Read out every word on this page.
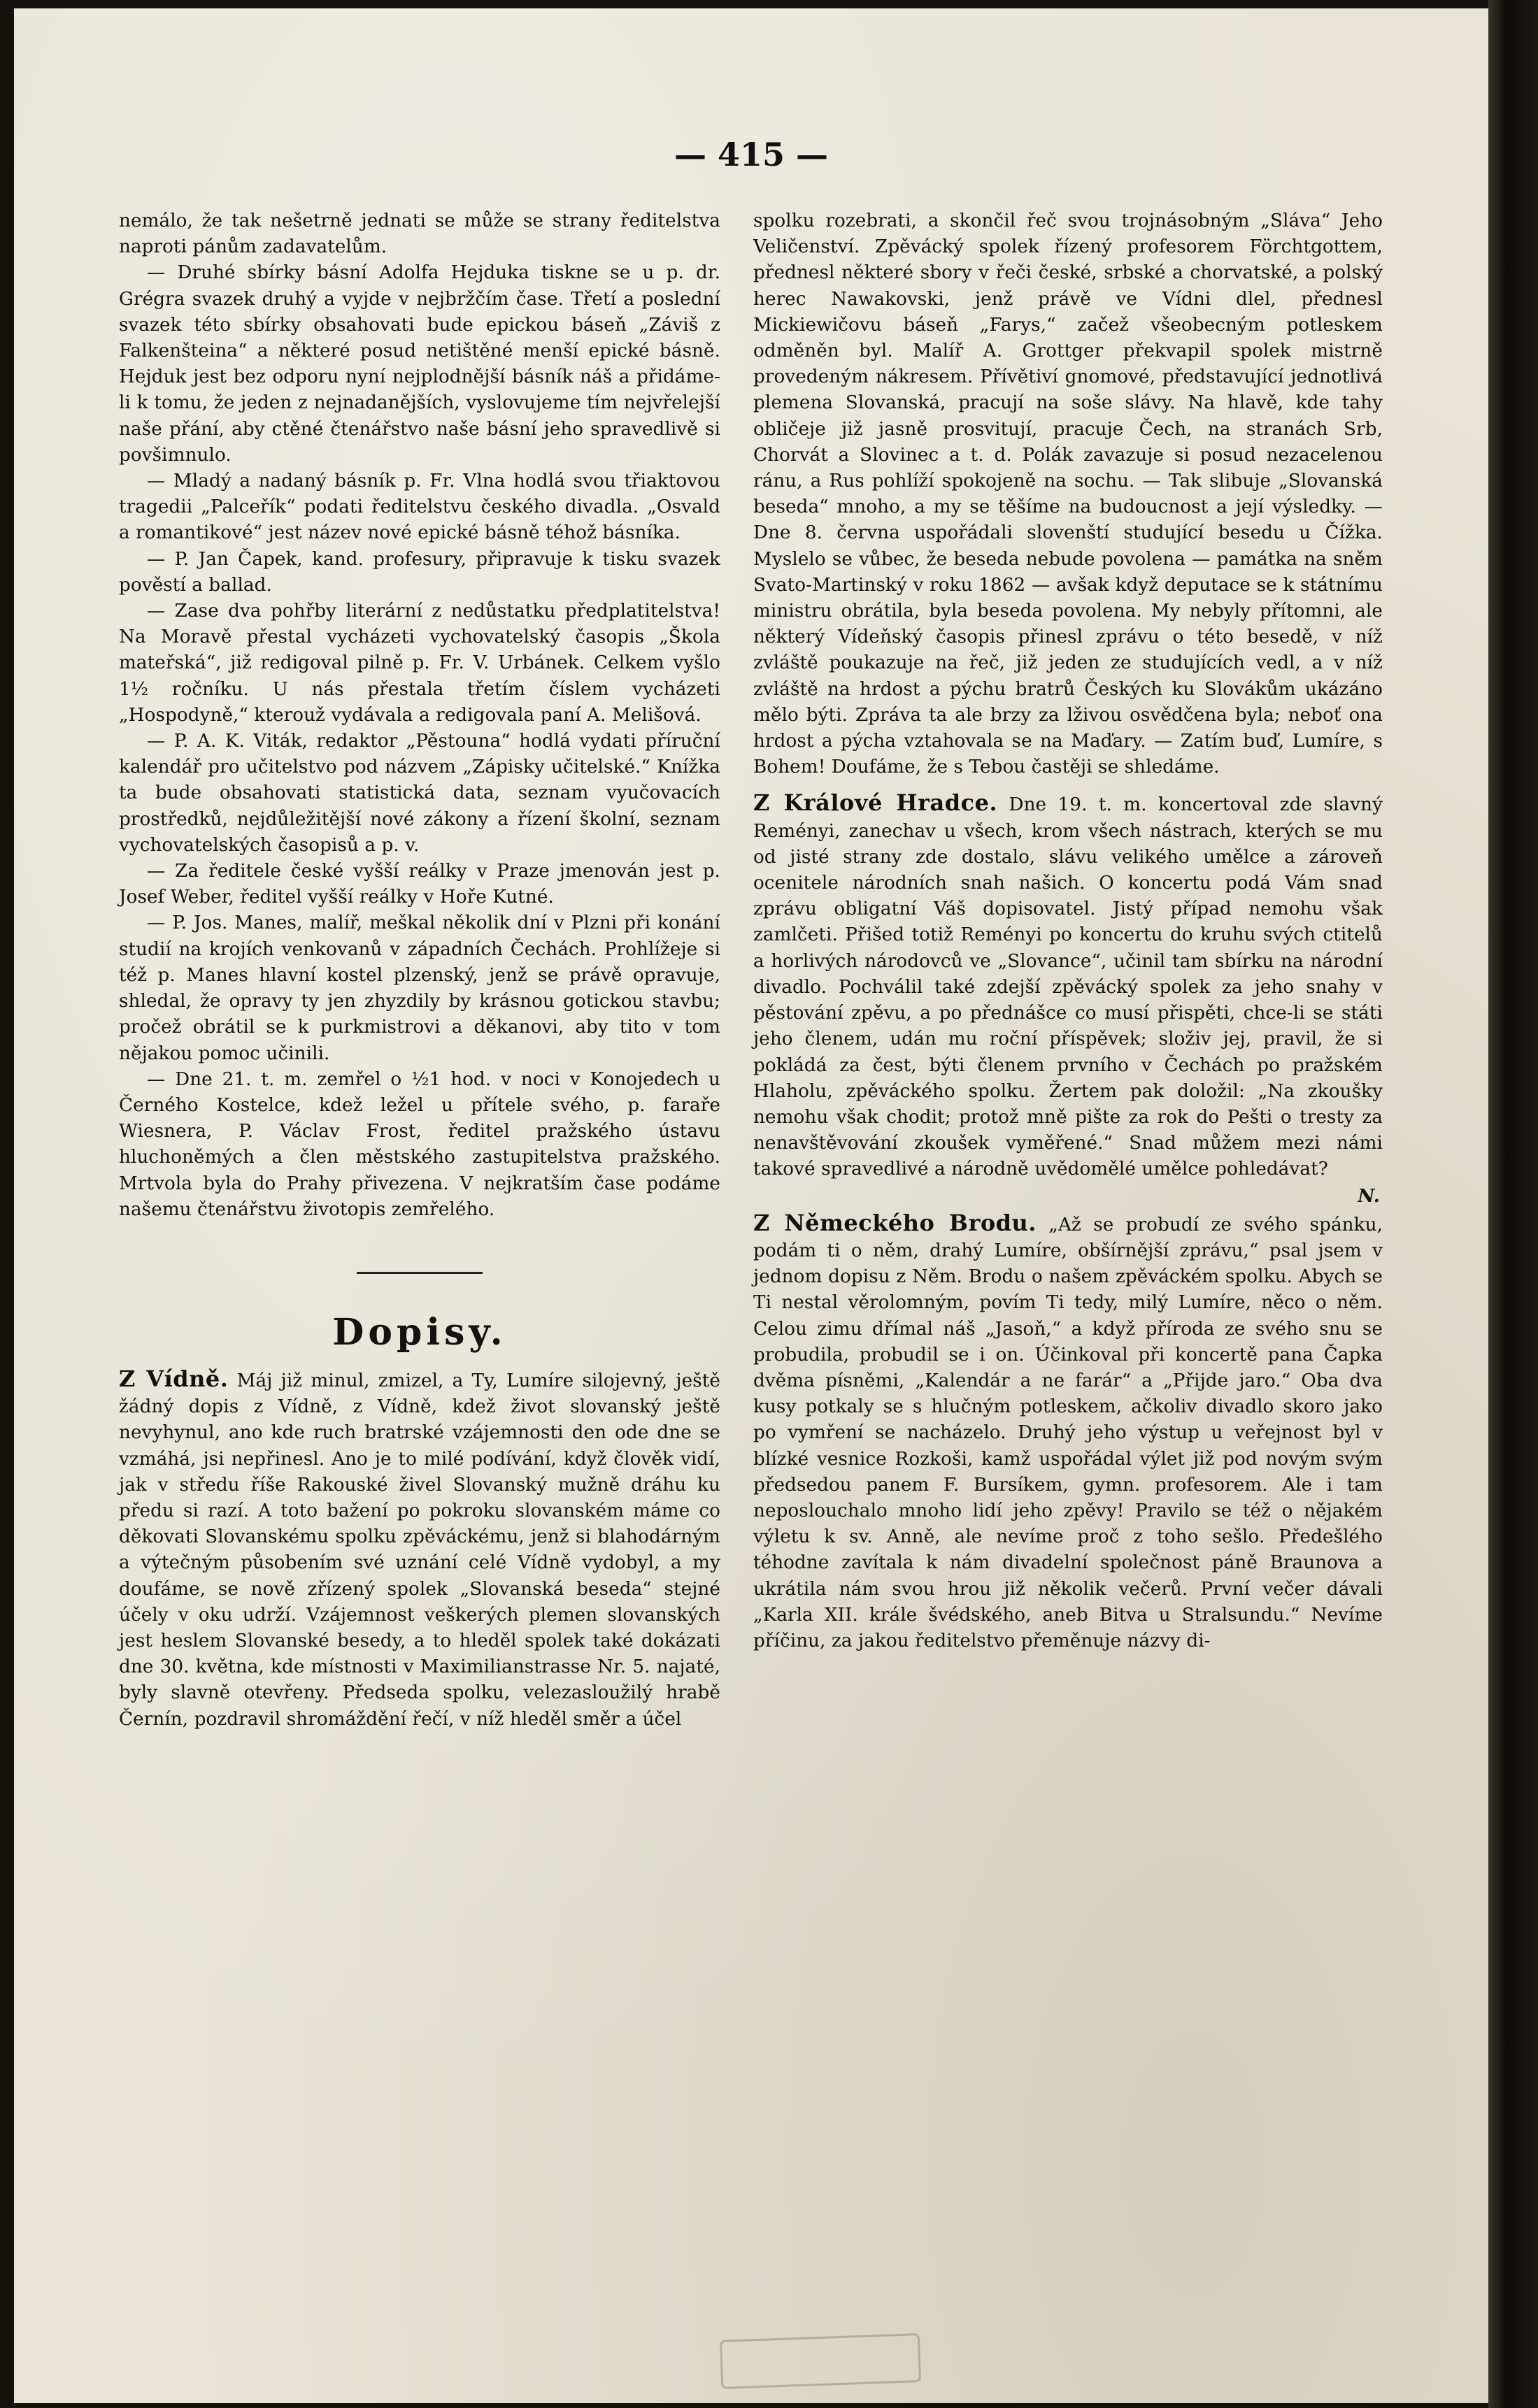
— 415 —

nemálo, že tak nešetrně jednati se může se strany ředitelstva naproti pánům zadavatelům.

— Druhé sbírky básní Adolfa Hejduka tiskne se u p. dr. Grégra svazek druhý a vyjde v nejbržčím čase. Třetí a poslední svazek této sbírky obsahovati bude epickou báseň „Záviš z Falkenšteina“ a některé posud netištěné menší epické básně. Hejduk jest bez odporu nyní nejplodnější básník náš a přidáme-li k tomu, že jeden z nejnadanějších, vyslovujeme tím nejvřelejší naše přání, aby ctěné čtenářstvo naše básní jeho spravedlivě si povšimnulo.

— Mladý a nadaný básník p. Fr. Vlna hodlá svou třiaktovou tragedii „Palceřík“ podati ředitelstvu českého divadla. „Osvald a romantikové“ jest název nové epické básně téhož básníka.

— P. Jan Čapek, kand. profesury, připravuje k tisku svazek pověstí a ballad.

— Zase dva pohřby literární z nedůstatku předplatitelstva! Na Moravě přestal vycházeti vychovatelský časopis „Škola mateřská“, již redigoval pilně p. Fr. V. Urbánek. Celkem vyšlo 1½ ročníku. U nás přestala třetím číslem vycházeti „Hospodyně,“ kterouž vydávala a redigovala paní A. Melišová.

— P. A. K. Viták, redaktor „Pěstouna“ hodlá vydati příruční kalendář pro učitelstvo pod názvem „Zápisky učitelské.“ Knížka ta bude obsahovati statistická data, seznam vyučovacích prostředků, nejdůležitější nové zákony a řízení školní, seznam vychovatelských časopisů a p. v.

— Za ředitele české vyšší reálky v Praze jmenován jest p. Josef Weber, ředitel vyšší reálky v Hoře Kutné.

— P. Jos. Manes, malíř, meškal několik dní v Plzni při konání studií na krojích venkovanů v západních Čechách. Prohlížeje si též p. Manes hlavní kostel plzenský, jenž se právě opravuje, shledal, že opravy ty jen zhyzdily by krásnou gotickou stavbu; pročež obrátil se k purkmistrovi a děkanovi, aby tito v tom nějakou pomoc učinili.

— Dne 21. t. m. zemřel o ½1 hod. v noci v Konojedech u Černého Kostelce, kdež ležel u přítele svého, p. faraře Wiesnera, P. Václav Frost, ředitel pražského ústavu hluchoněmých a člen městského zastupitelstva pražského. Mrtvola byla do Prahy přivezena. V nejkratším čase podáme našemu čtenářstvu životopis zemřelého.

Dopisy.

Z Vídně. Máj již minul, zmizel, a Ty, Lumíre silojevný, ještě žádný dopis z Vídně, z Vídně, kdež život slovanský ještě nevyhynul, ano kde ruch bratrské vzájemnosti den ode dne se vzmáhá, jsi nepřinesl. Ano je to milé podívání, když člověk vidí, jak v středu říše Rakouské živel Slovanský mužně dráhu ku předu si razí. A toto bažení po pokroku slovanském máme co děkovati Slovanskému spolku zpěváckému, jenž si blahodárným a výtečným působením své uznání celé Vídně vydobyl, a my doufáme, se nově zřízený spolek „Slovanská beseda“ stejné účely v oku udrží. Vzájemnost veškerých plemen slovanských jest heslem Slovanské besedy, a to hleděl spolek také dokázati dne 30. května, kde místnosti v Maximilianstrasse Nr. 5. najaté, byly slavně otevřeny. Předseda spolku, velezasloužilý hrabě Černín, pozdravil shromáždění řečí, v níž hleděl směr a účel

spolku rozebrati, a skončil řeč svou trojnásobným „Sláva“ Jeho Veličenství. Zpěvácký spolek řízený profesorem Förchtgottem, přednesl některé sbory v řeči české, srbské a chorvatské, a polský herec Nawakovski, jenž právě ve Vídni dlel, přednesl Mickiewičovu báseň „Farys,“ začež všeobecným potleskem odměněn byl. Malíř A. Grottger překvapil spolek mistrně provedeným nákresem. Přívětiví gnomové, představující jednotlivá plemena Slovanská, pracují na soše slávy. Na hlavě, kde tahy obličeje již jasně prosvitují, pracuje Čech, na stranách Srb, Chorvát a Slovinec a t. d. Polák zavazuje si posud nezacelenou ránu, a Rus pohlíží spokojeně na sochu. — Tak slibuje „Slovanská beseda“ mnoho, a my se těšíme na budoucnost a její výsledky. — Dne 8. června uspořádali slovenští studující besedu u Čížka. Myslelo se vůbec, že beseda nebude povolena — památka na sněm Svato-Martinský v roku 1862 — avšak když deputace se k státnímu ministru obrátila, byla beseda povolena. My nebyly přítomni, ale některý Vídeňský časopis přinesl zprávu o této besedě, v níž zvláště poukazuje na řeč, již jeden ze studujících vedl, a v níž zvláště na hrdost a pýchu bratrů Českých ku Slovákům ukázáno mělo býti. Zpráva ta ale brzy za lživou osvědčena byla; neboť ona hrdost a pýcha vztahovala se na Maďary. — Zatím buď, Lumíre, s Bohem! Doufáme, že s Tebou častěji se shledáme.

Z Králové Hradce. Dne 19. t. m. koncertoval zde slavný Reményi, zanechav u všech, krom všech nástrach, kterých se mu od jisté strany zde dostalo, slávu velikého umělce a zároveň ocenitele národních snah našich. O koncertu podá Vám snad zprávu obligatní Váš dopisovatel. Jistý případ nemohu však zamlčeti. Přišed totiž Reményi po koncertu do kruhu svých ctitelů a horlivých národovců ve „Slovance“, učinil tam sbírku na národní divadlo. Pochválil také zdejší zpěvácký spolek za jeho snahy v pěstování zpěvu, a po přednášce co musí přispěti, chce-li se státi jeho členem, udán mu roční příspěvek; složiv jej, pravil, že si pokládá za čest, býti členem prvního v Čechách po pražském Hlaholu, zpěváckého spolku. Žertem pak doložil: „Na zkoušky nemohu však chodit; protož mně pište za rok do Pešti o tresty za nenavštěvování zkoušek vyměřené.“ Snad můžem mezi námi takové spravedlivé a národně uvědomělé umělce pohledávat?

N.

Z Německého Brodu. „Až se probudí ze svého spánku, podám ti o něm, drahý Lumíre, obšírnější zprávu,“ psal jsem v jednom dopisu z Něm. Brodu o našem zpěváckém spolku. Abych se Ti nestal věrolomným, povím Ti tedy, milý Lumíre, něco o něm. Celou zimu dřímal náš „Jasoň,“ a když příroda ze svého snu se probudila, probudil se i on. Účinkoval při koncertě pana Čapka dvěma písněmi, „Kalendár a ne farár“ a „Přijde jaro.“ Oba dva kusy potkaly se s hlučným potleskem, ačkoliv divadlo skoro jako po vymření se nacházelo. Druhý jeho výstup u veřejnost byl v blízké vesnice Rozkoši, kamž uspořádal výlet již pod novým svým předsedou panem F. Bursíkem, gymn. profesorem. Ale i tam neposlouchalo mnoho lidí jeho zpěvy! Pravilo se též o nějakém výletu k sv. Anně, ale nevíme proč z toho sešlo. Předešlého téhodne zavítala k nám divadelní společnost páně Braunova a ukrátila nám svou hrou již několik večerů. První večer dávali „Karla XII. krále švédského, aneb Bitva u Stralsundu.“ Nevíme příčinu, za jakou ředitelstvo přeměnuje názvy di-
